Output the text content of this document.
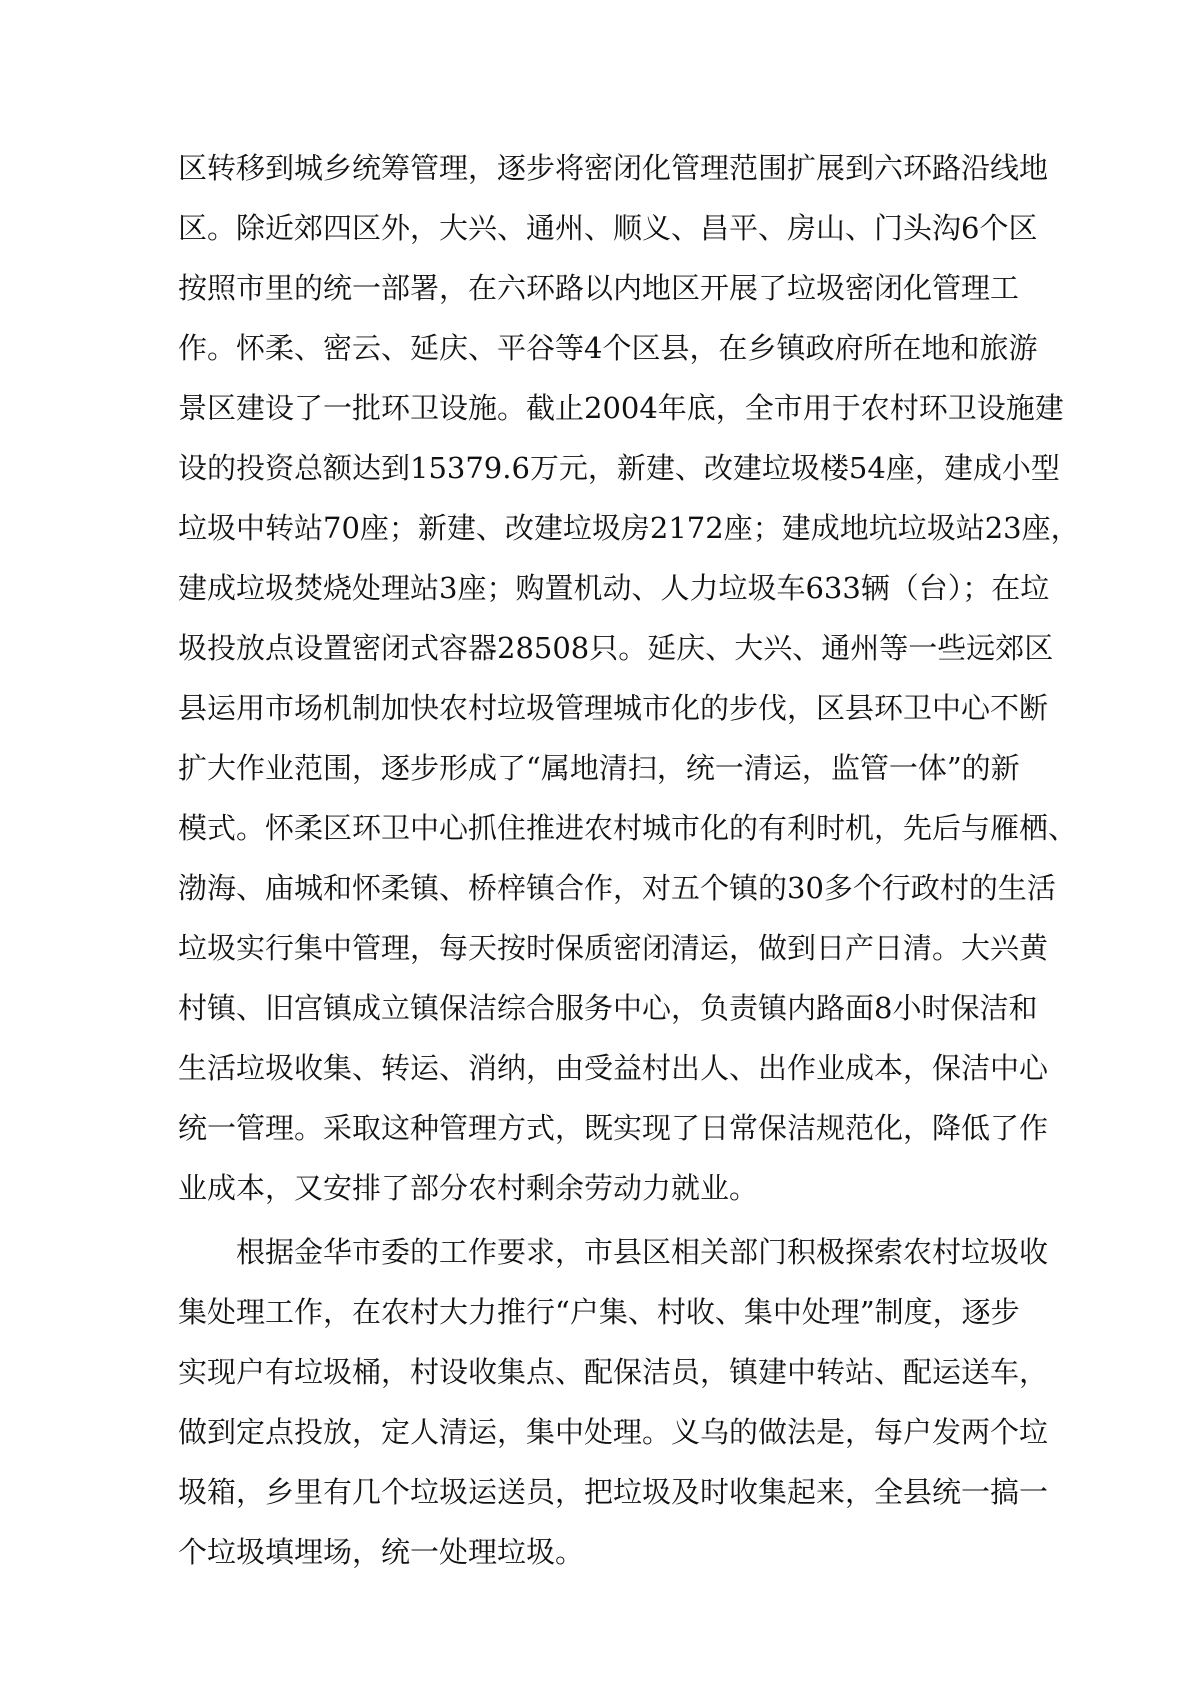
区转移到城乡统筹管理，逐步将密闭化管理范围扩展到六环路沿线地
区。除近郊四区外，大兴、通州、顺义、昌平、房山、门头沟6个区
按照市里的统一部署，在六环路以内地区开展了垃圾密闭化管理工
作。怀柔、密云、延庆、平谷等4个区县，在乡镇政府所在地和旅游
景区建设了一批环卫设施。截止2004年底，全市用于农村环卫设施建
设的投资总额达到15379.6万元，新建、改建垃圾楼54座，建成小型
垃圾中转站70座；新建、改建垃圾房2172座；建成地坑垃圾站23座，
建成垃圾焚烧处理站3座；购置机动、人力垃圾车633辆（台）；在垃
圾投放点设置密闭式容器28508只。延庆、大兴、通州等一些远郊区
县运用市场机制加快农村垃圾管理城市化的步伐，区县环卫中心不断
扩大作业范围，逐步形成了“属地清扫，统一清运，监管一体”的新
模式。怀柔区环卫中心抓住推进农村城市化的有利时机，先后与雁栖、
渤海、庙城和怀柔镇、桥梓镇合作，对五个镇的30多个行政村的生活
垃圾实行集中管理，每天按时保质密闭清运，做到日产日清。大兴黄
村镇、旧宫镇成立镇保洁综合服务中心，负责镇内路面8小时保洁和
生活垃圾收集、转运、消纳，由受益村出人、出作业成本，保洁中心
统一管理。采取这种管理方式，既实现了日常保洁规范化，降低了作
业成本，又安排了部分农村剩余劳动力就业。
根据金华市委的工作要求，市县区相关部门积极探索农村垃圾收
集处理工作，在农村大力推行“户集、村收、集中处理”制度，逐步
实现户有垃圾桶，村设收集点、配保洁员，镇建中转站、配运送车，
做到定点投放，定人清运，集中处理。义乌的做法是，每户发两个垃
圾箱，乡里有几个垃圾运送员，把垃圾及时收集起来，全县统一搞一
个垃圾填埋场，统一处理垃圾。
